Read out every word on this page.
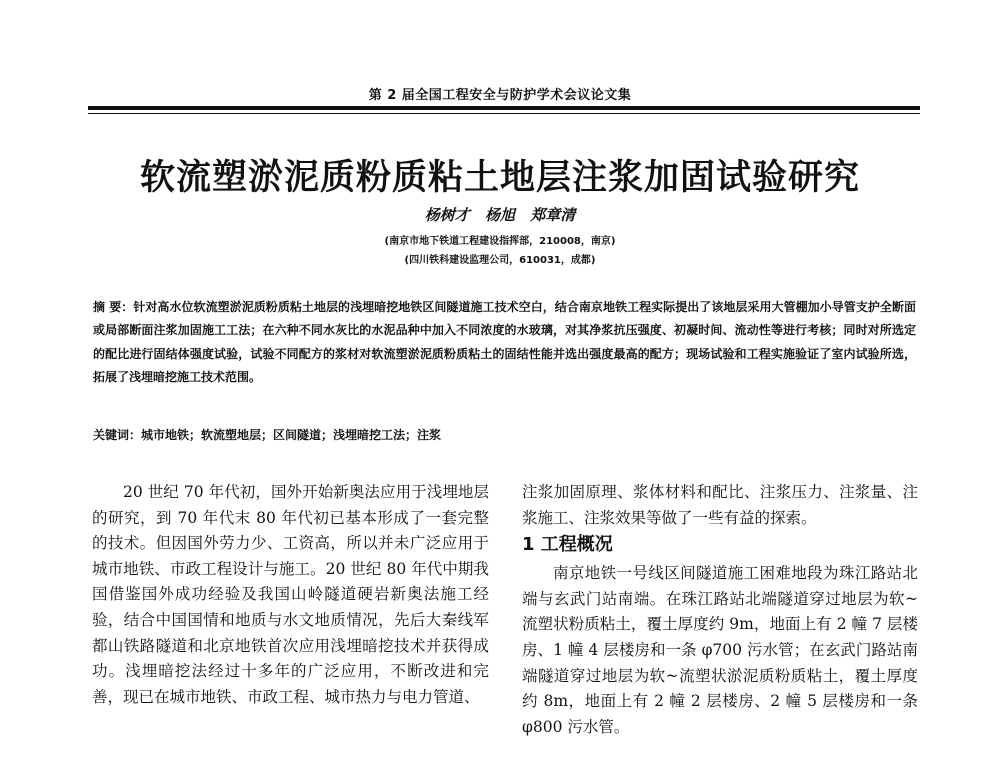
第 2 届全国工程安全与防护学术会议论文集
软流塑淤泥质粉质粘土地层注浆加固试验研究
杨树才 杨旭 郑章清
(南京市地下铁道工程建设指挥部，210008，南京)
(四川铁科建设监理公司，610031，成都)
摘 要：针对高水位软流塑淤泥质粉质粘土地层的浅埋暗挖地铁区间隧道施工技术空白，结合南京地铁工程实际提出了该地层采用大管棚加小导管支护全断面或局部断面注浆加固施工工法；在六种不同水灰比的水泥品种中加入不同浓度的水玻璃，对其净浆抗压强度、初凝时间、流动性等进行考核；同时对所选定的配比进行固结体强度试验，试验不同配方的浆材对软流塑淤泥质粉质粘土的固结性能并选出强度最高的配方；现场试验和工程实施验证了室内试验所选，拓展了浅埋暗挖施工技术范围。
关键词：城市地铁；软流塑地层；区间隧道；浅埋暗挖工法；注浆

20 世纪 70 年代初，国外开始新奥法应用于浅埋地层的研究，到 70 年代末 80 年代初已基本形成了一套完整的技术。但因国外劳力少、工资高，所以并未广泛应用于城市地铁、市政工程设计与施工。20 世纪 80 年代中期我国借鉴国外成功经验及我国山岭隧道硬岩新奥法施工经验，结合中国国情和地质与水文地质情况，先后大秦线军都山铁路隧道和北京地铁首次应用浅埋暗挖技术并获得成功。浅埋暗挖法经过十多年的广泛应用，不断改进和完善，现已在城市地铁、市政工程、城市热力与电力管道、

注浆加固原理、浆体材料和配比、注浆压力、注浆量、注浆施工、注浆效果等做了一些有益的探索。

1 工程概况

南京地铁一号线区间隧道施工困难地段为珠江路站北端与玄武门站南端。在珠江路站北端隧道穿过地层为软~流塑状粉质粘土，覆土厚度约 9m，地面上有 2 幢 7 层楼房、1 幢 4 层楼房和一条 φ700 污水管；在玄武门路站南端隧道穿过地层为软~流塑状淤泥质粉质粘土，覆土厚度约 8m，地面上有 2 幢 2 层楼房、2 幢 5 层楼房和一条 φ800 污水管。
